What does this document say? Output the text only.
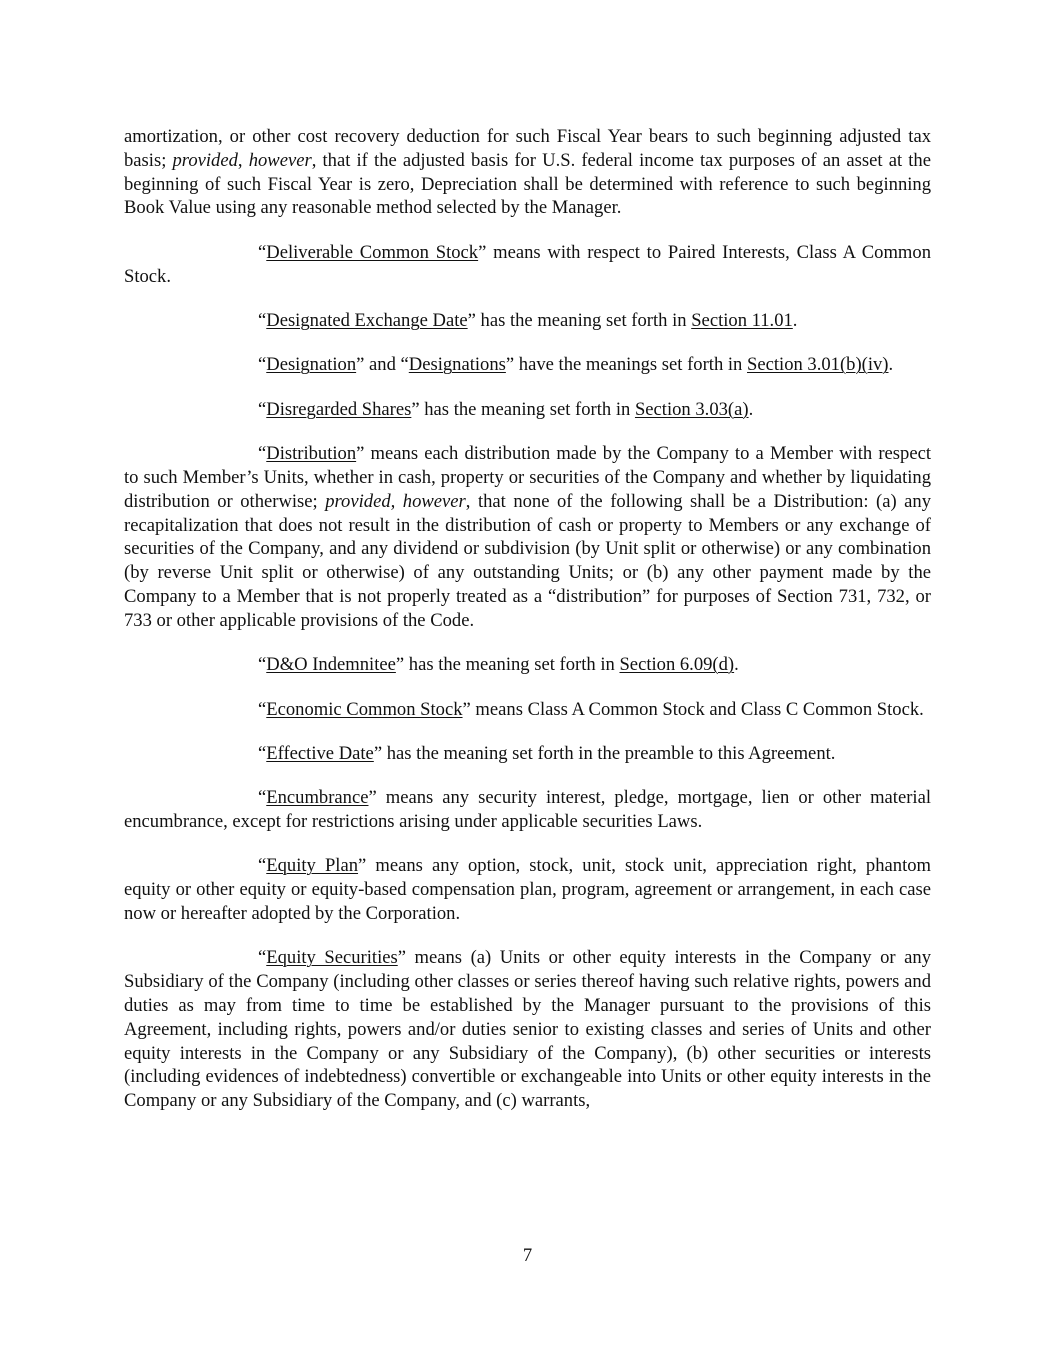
amortization, or other cost recovery deduction for such Fiscal Year bears to such beginning adjusted tax basis; provided, however, that if the adjusted basis for U.S. federal income tax purposes of an asset at the beginning of such Fiscal Year is zero, Depreciation shall be determined with reference to such beginning Book Value using any reasonable method selected by the Manager.

“Deliverable Common Stock” means with respect to Paired Interests, Class A Common Stock.

“Designated Exchange Date” has the meaning set forth in Section 11.01.

“Designation” and “Designations” have the meanings set forth in Section 3.01(b)(iv).

“Disregarded Shares” has the meaning set forth in Section 3.03(a).

“Distribution” means each distribution made by the Company to a Member with respect to such Member’s Units, whether in cash, property or securities of the Company and whether by liquidating distribution or otherwise; provided, however, that none of the following shall be a Distribution: (a) any recapitalization that does not result in the distribution of cash or property to Members or any exchange of securities of the Company, and any dividend or subdivision (by Unit split or otherwise) or any combination (by reverse Unit split or otherwise) of any outstanding Units; or (b) any other payment made by the Company to a Member that is not properly treated as a “distribution” for purposes of Section 731, 732, or 733 or other applicable provisions of the Code.

“D&O Indemnitee” has the meaning set forth in Section 6.09(d).

“Economic Common Stock” means Class A Common Stock and Class C Common Stock.

“Effective Date” has the meaning set forth in the preamble to this Agreement.

“Encumbrance” means any security interest, pledge, mortgage, lien or other material encumbrance, except for restrictions arising under applicable securities Laws.

“Equity Plan” means any option, stock, unit, stock unit, appreciation right, phantom equity or other equity or equity-based compensation plan, program, agreement or arrangement, in each case now or hereafter adopted by the Corporation.

“Equity Securities” means (a) Units or other equity interests in the Company or any Subsidiary of the Company (including other classes or series thereof having such relative rights, powers and duties as may from time to time be established by the Manager pursuant to the provisions of this Agreement, including rights, powers and/or duties senior to existing classes and series of Units and other equity interests in the Company or any Subsidiary of the Company), (b) other securities or interests (including evidences of indebtedness) convertible or exchangeable into Units or other equity interests in the Company or any Subsidiary of the Company, and (c) warrants,

7
